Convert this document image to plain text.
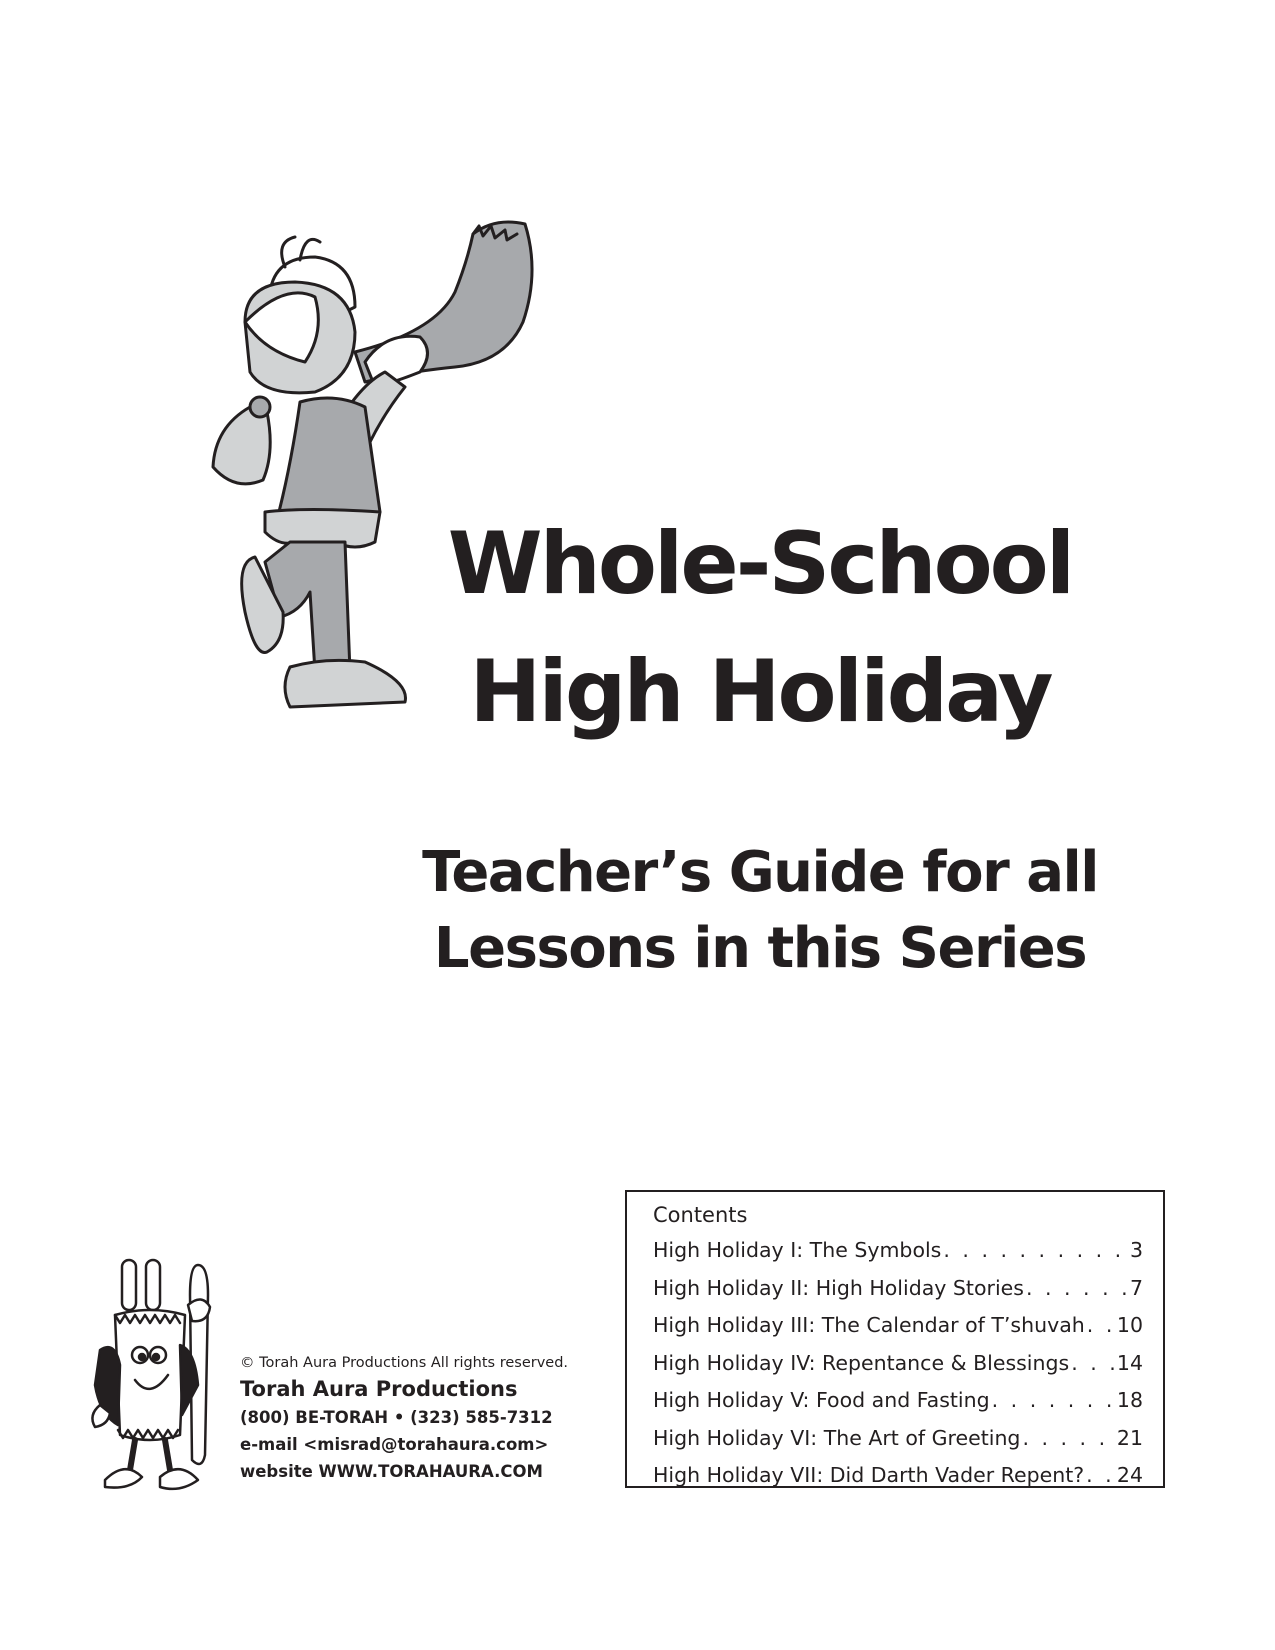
Whole-School
High Holiday
Teacher’s Guide for all
Lessons in this Series
© Torah Aura Productions All rights reserved.
Torah Aura Productions
(800) BE-TORAH • (323) 585-7312
e-mail <misrad@torahaura.com>
website WWW.TORAHAURA.COM
Contents
High Holiday I: The Symbols . . .	3
High Holiday II: High Holiday Stories . . .	7
High Holiday III: The Calendar of T’shuvah . . . 10
High Holiday IV: Repentance & Blessings . . . 14
High Holiday V: Food and Fasting . . .	18
High Holiday VI: The Art of Greeting . . .	21
High Holiday VII: Did Darth Vader Repent? . . . 24
